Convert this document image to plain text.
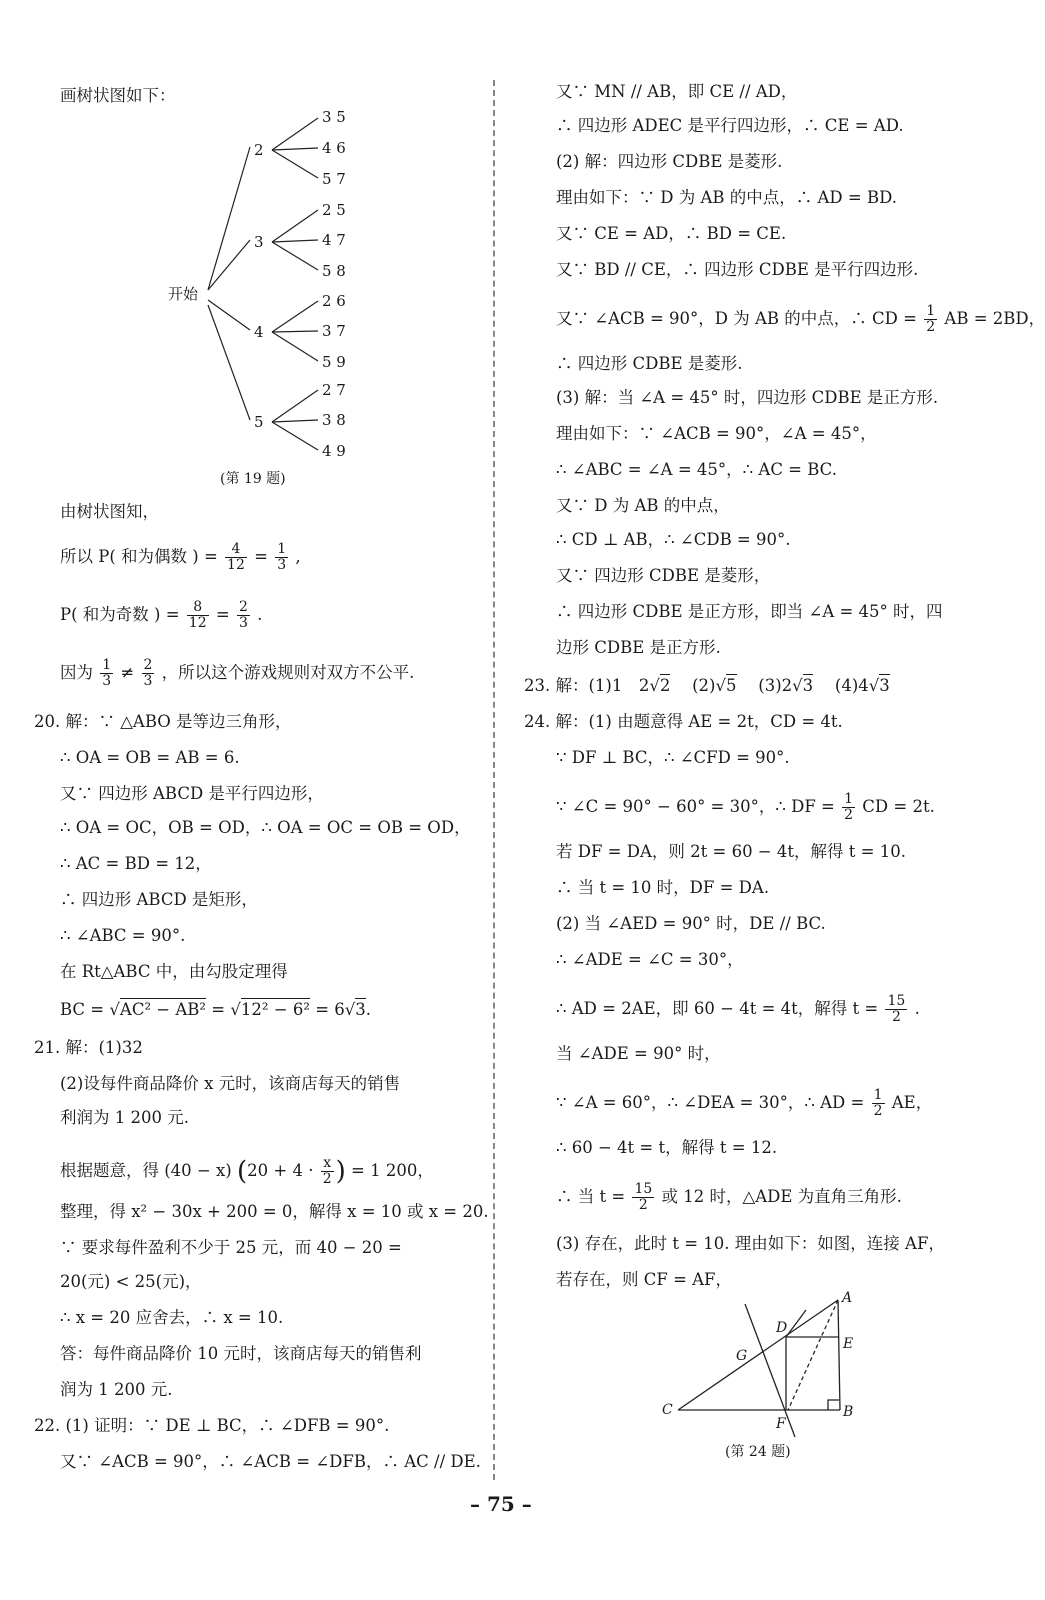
画树状图如下：
开始
2
3
4
5
3 5
4 6
5 7
2 5
4 7
5 8
2 6
3 7
5 9
2 7
3 8
4 9
(第 19 题)
由树状图知，
所以 P( 和为偶数 ) = $\frac{4}{12} = \frac{1}{3}$ ,
P( 和为奇数 ) = $\frac{8}{12} = \frac{2}{3}$ .
因为 $\frac{1}{3} \ne \frac{2}{3}$ ，所以这个游戏规则对双方不公平.
20. 解：∵ △ABO 是等边三角形，
∴ OA = OB = AB = 6.
又∵ 四边形 ABCD 是平行四边形，
∴ OA = OC，OB = OD，∴ OA = OC = OB = OD，
∴ AC = BD = 12，
∴ 四边形 ABCD 是矩形，
∴ ∠ABC = 90°.
在 Rt△ABC 中，由勾股定理得
BC = √AC² − AB² = √12² − 6² = 6√3.
21. 解：(1)32
(2)设每件商品降价 x 元时，该商店每天的销售
利润为 1 200 元.
根据题意，得 (40 − x) ($20 + 4 \cdot \frac{x}{2}$ ) = 1 200，
整理，得 x² − 30x + 200 = 0，解得 x = 10 或 x = 20.
∵ 要求每件盈利不少于 25 元，而 40 − 20 =
20(元) < 25(元)，
∴ x = 20 应舍去，∴ x = 10.
答：每件商品降价 10 元时，该商店每天的销售利
润为 1 200 元.
22. (1) 证明：∵ DE ⊥ BC，∴ ∠DFB = 90°.
又∵ ∠ACB = 90°，∴ ∠ACB = ∠DFB，∴ AC // DE.
又∵ MN // AB，即 CE // AD，
∴ 四边形 ADEC 是平行四边形，∴ CE = AD.
(2) 解：四边形 CDBE 是菱形.
理由如下：∵ D 为 AB 的中点，∴ AD = BD.
又∵ CE = AD，∴ BD = CE.
又∵ BD // CE，∴ 四边形 CDBE 是平行四边形.
又∵ ∠ACB = 90°，D 为 AB 的中点，∴ CD = $\frac{1}{2}$ AB = 2BD，
∴ 四边形 CDBE 是菱形.
(3) 解：当 ∠A = 45° 时，四边形 CDBE 是正方形.
理由如下：∵ ∠ACB = 90°，∠A = 45°，
∴ ∠ABC = ∠A = 45°，∴ AC = BC.
又∵ D 为 AB 的中点，
∴ CD ⊥ AB，∴ ∠CDB = 90°.
又∵ 四边形 CDBE 是菱形，
∴ 四边形 CDBE 是正方形，即当 ∠A = 45° 时，四
边形 CDBE 是正方形.
23. 解：(1)1　2√2 　(2)√5 　(3)2√3 　(4)4√3
24. 解：(1) 由题意得 AE = 2t，CD = 4t.
∵ DF ⊥ BC，∴ ∠CFD = 90°.
∵ ∠C = 90° − 60° = 30°，∴ DF = $\frac{1}{2}$ CD = 2t.
若 DF = DA，则 2t = 60 − 4t，解得 t = 10.
∴ 当 t = 10 时，DF = DA.
(2) 当 ∠AED = 90° 时，DE // BC.
∴ ∠ADE = ∠C = 30°，
∴ AD = 2AE，即 60 − 4t = 4t，解得 $t = \frac{15}{2}$ .
当 ∠ADE = 90° 时，
∵ ∠A = 60°，∴ ∠DEA = 30°，∴ AD = $\frac{1}{2}$ AE，
∴ 60 − 4t = t，解得 t = 12.
∴ 当 $t = \frac{15}{2}$ 或 12 时，△ADE 为直角三角形.
(3) 存在，此时 t = 10. 理由如下：如图，连接 AF，
若存在，则 CF = AF，
A
B
C
D
E
F
G
(第 24 题)
– 75 –
